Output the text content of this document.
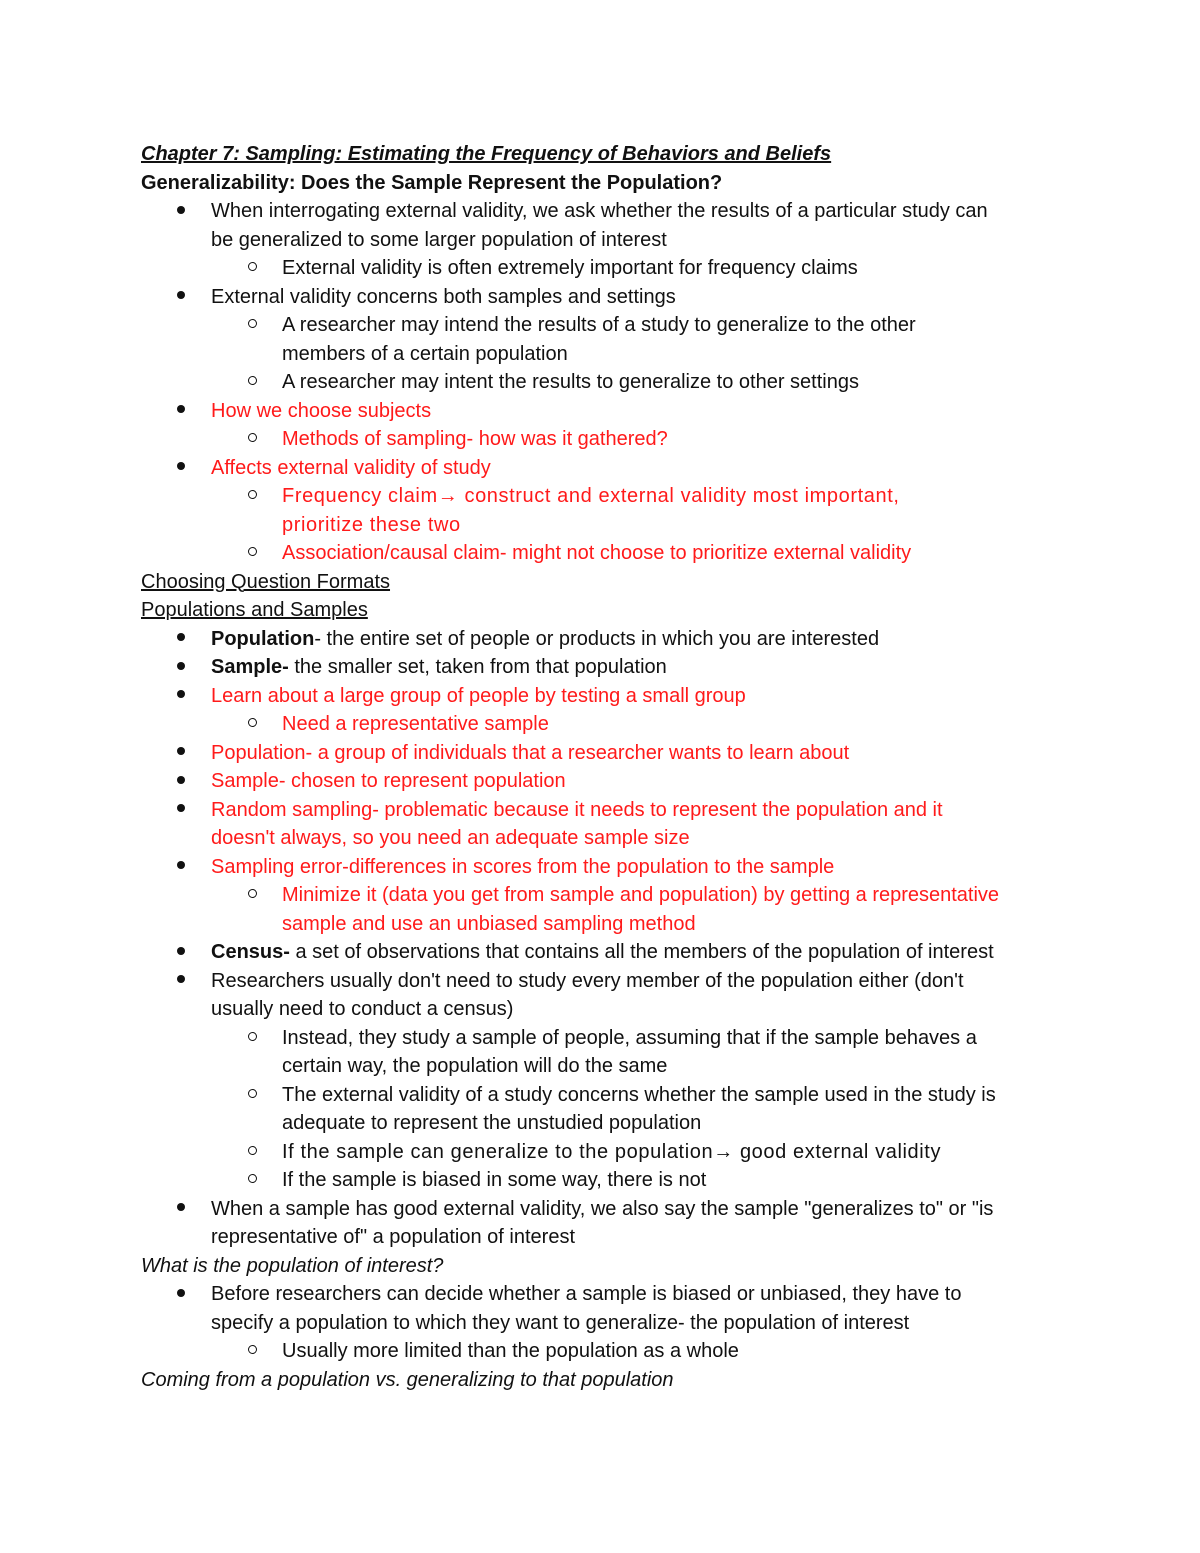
Chapter 7: Sampling: Estimating the Frequency of Behaviors and Beliefs
Generalizability: Does the Sample Represent the Population?
When interrogating external validity, we ask whether the results of a particular study can
be generalized to some larger population of interest
External validity is often extremely important for frequency claims
External validity concerns both samples and settings
A researcher may intend the results of a study to generalize to the other
members of a certain population
A researcher may intent the results to generalize to other settings
How we choose subjects
Methods of sampling- how was it gathered?
Affects external validity of study
Frequency claim→ construct and external validity most important,
prioritize these two
Association/causal claim- might not choose to prioritize external validity
Choosing Question Formats
Populations and Samples
Population- the entire set of people or products in which you are interested
Sample- the smaller set, taken from that population
Learn about a large group of people by testing a small group
Need a representative sample
Population- a group of individuals that a researcher wants to learn about
Sample- chosen to represent population
Random sampling- problematic because it needs to represent the population and it
doesn't always, so you need an adequate sample size
Sampling error-differences in scores from the population to the sample
Minimize it (data you get from sample and population) by getting a representative
sample and use an unbiased sampling method
Census- a set of observations that contains all the members of the population of interest
Researchers usually don't need to study every member of the population either (don't
usually need to conduct a census)
Instead, they study a sample of people, assuming that if the sample behaves a
certain way, the population will do the same
The external validity of a study concerns whether the sample used in the study is
adequate to represent the unstudied population
If the sample can generalize to the population→ good external validity
If the sample is biased in some way, there is not
When a sample has good external validity, we also say the sample "generalizes to" or "is
representative of" a population of interest
What is the population of interest?
Before researchers can decide whether a sample is biased or unbiased, they have to
specify a population to which they want to generalize- the population of interest
Usually more limited than the population as a whole
Coming from a population vs. generalizing to that population
